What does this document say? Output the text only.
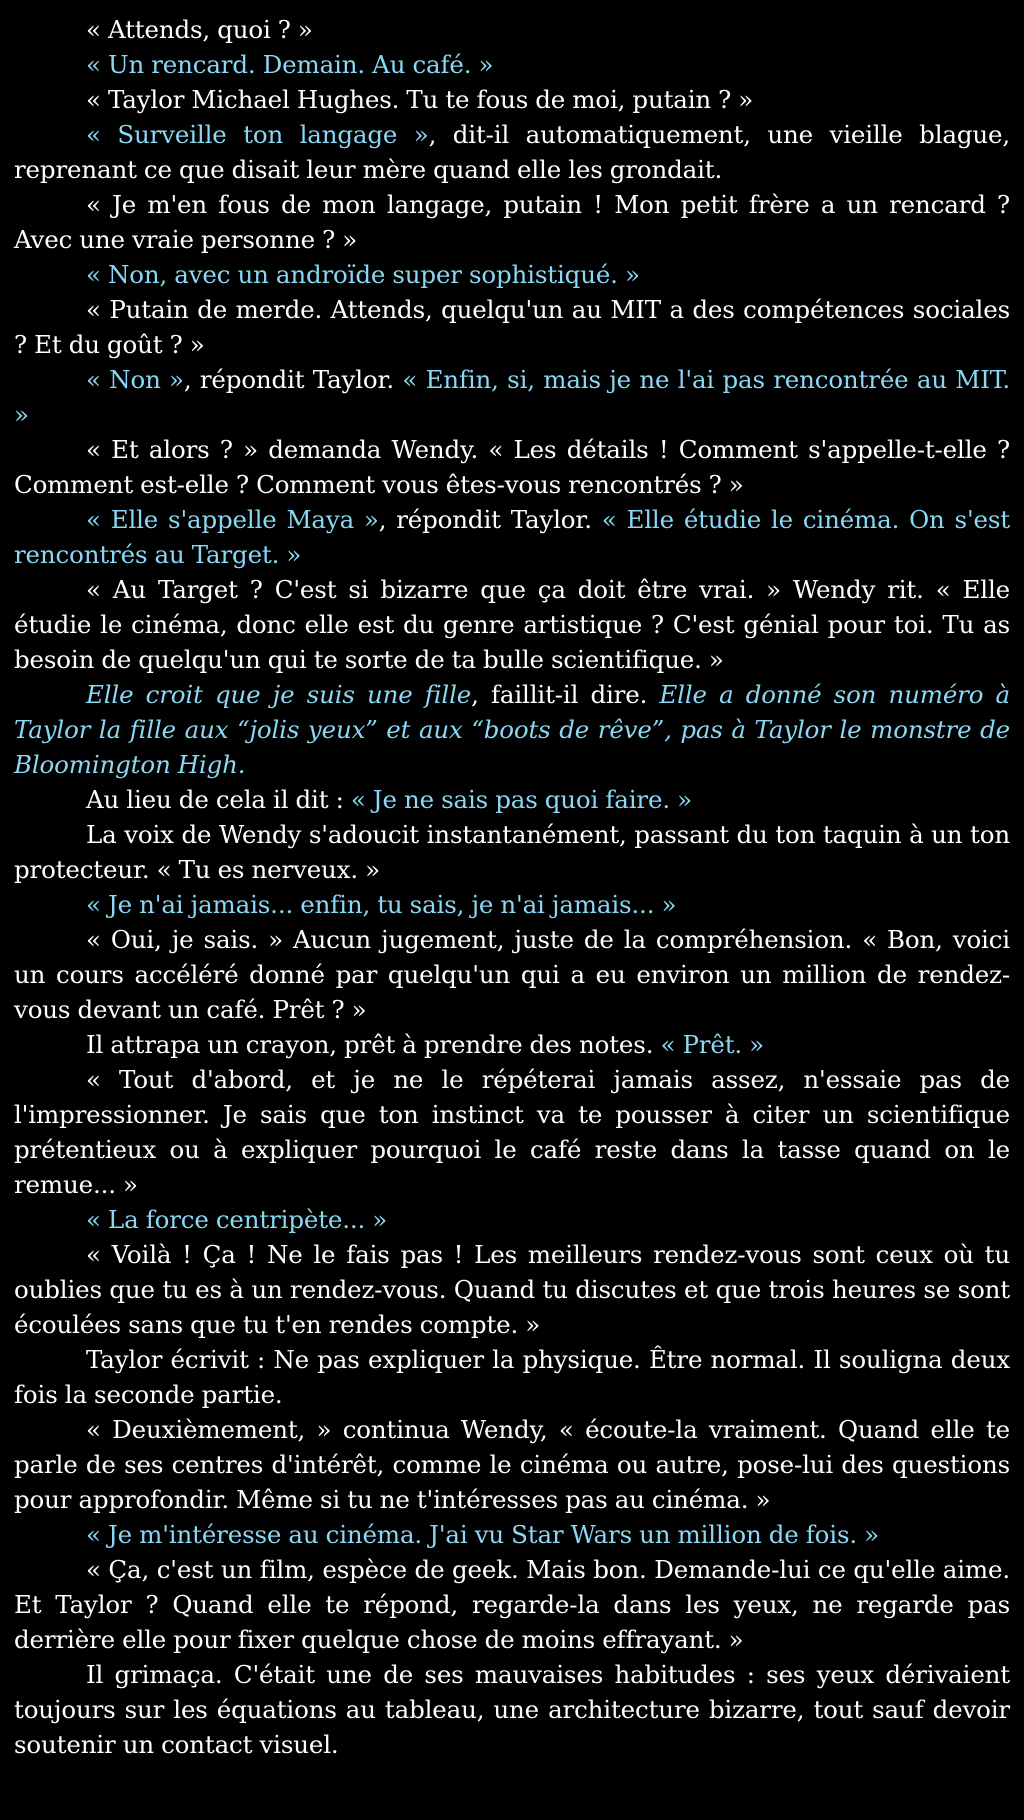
« Attends, quoi ? »

« Un rencard. Demain. Au café. »

« Taylor Michael Hughes. Tu te fous de moi, putain ? »

« Surveille ton langage », dit-il automatiquement, une vieille blague, reprenant ce que disait leur mère quand elle les grondait.

« Je m'en fous de mon langage, putain ! Mon petit frère a un rencard ? Avec une vraie personne ? »

« Non, avec un androïde super sophistiqué. »

« Putain de merde. Attends, quelqu'un au MIT a des compétences sociales ? Et du goût ? »

« Non », répondit Taylor. « Enfin, si, mais je ne l'ai pas rencontrée au MIT. »

« Et alors ? » demanda Wendy. « Les détails ! Comment s'appelle-t-elle ? Comment est-elle ? Comment vous êtes-vous rencontrés ? »

« Elle s'appelle Maya », répondit Taylor. « Elle étudie le cinéma. On s'est rencontrés au Target. »

« Au Target ? C'est si bizarre que ça doit être vrai. » Wendy rit. « Elle étudie le cinéma, donc elle est du genre artistique ? C'est génial pour toi. Tu as besoin de quelqu'un qui te sorte de ta bulle scientifique. »

Elle croit que je suis une fille, faillit-il dire. Elle a donné son numéro à Taylor la fille aux “jolis yeux” et aux “boots de rêve”, pas à Taylor le monstre de Bloomington High.

Au lieu de cela il dit : « Je ne sais pas quoi faire. »

La voix de Wendy s'adoucit instantanément, passant du ton taquin à un ton protecteur. « Tu es nerveux. »

« Je n'ai jamais... enfin, tu sais, je n'ai jamais... »

« Oui, je sais. » Aucun jugement, juste de la compréhension. « Bon, voici un cours accéléré donné par quelqu'un qui a eu environ un million de rendez-vous devant un café. Prêt ? »

Il attrapa un crayon, prêt à prendre des notes. « Prêt. »

« Tout d'abord, et je ne le répéterai jamais assez, n'essaie pas de l'impressionner. Je sais que ton instinct va te pousser à citer un scientifique prétentieux ou à expliquer pourquoi le café reste dans la tasse quand on le remue... »

« La force centripète... »

« Voilà ! Ça ! Ne le fais pas ! Les meilleurs rendez-vous sont ceux où tu oublies que tu es à un rendez-vous. Quand tu discutes et que trois heures se sont écoulées sans que tu t'en rendes compte. »

Taylor écrivit : Ne pas expliquer la physique. Être normal. Il souligna deux fois la seconde partie.

« Deuxièmement, » continua Wendy, « écoute-la vraiment. Quand elle te parle de ses centres d'intérêt, comme le cinéma ou autre, pose-lui des questions pour approfondir. Même si tu ne t'intéresses pas au cinéma. »

« Je m'intéresse au cinéma. J'ai vu Star Wars un million de fois. »

« Ça, c'est un film, espèce de geek. Mais bon. Demande-lui ce qu'elle aime. Et Taylor ? Quand elle te répond, regarde-la dans les yeux, ne regarde pas derrière elle pour fixer quelque chose de moins effrayant. »

Il grimaça. C'était une de ses mauvaises habitudes : ses yeux dérivaient toujours sur les équations au tableau, une architecture bizarre, tout sauf devoir soutenir un contact visuel.
